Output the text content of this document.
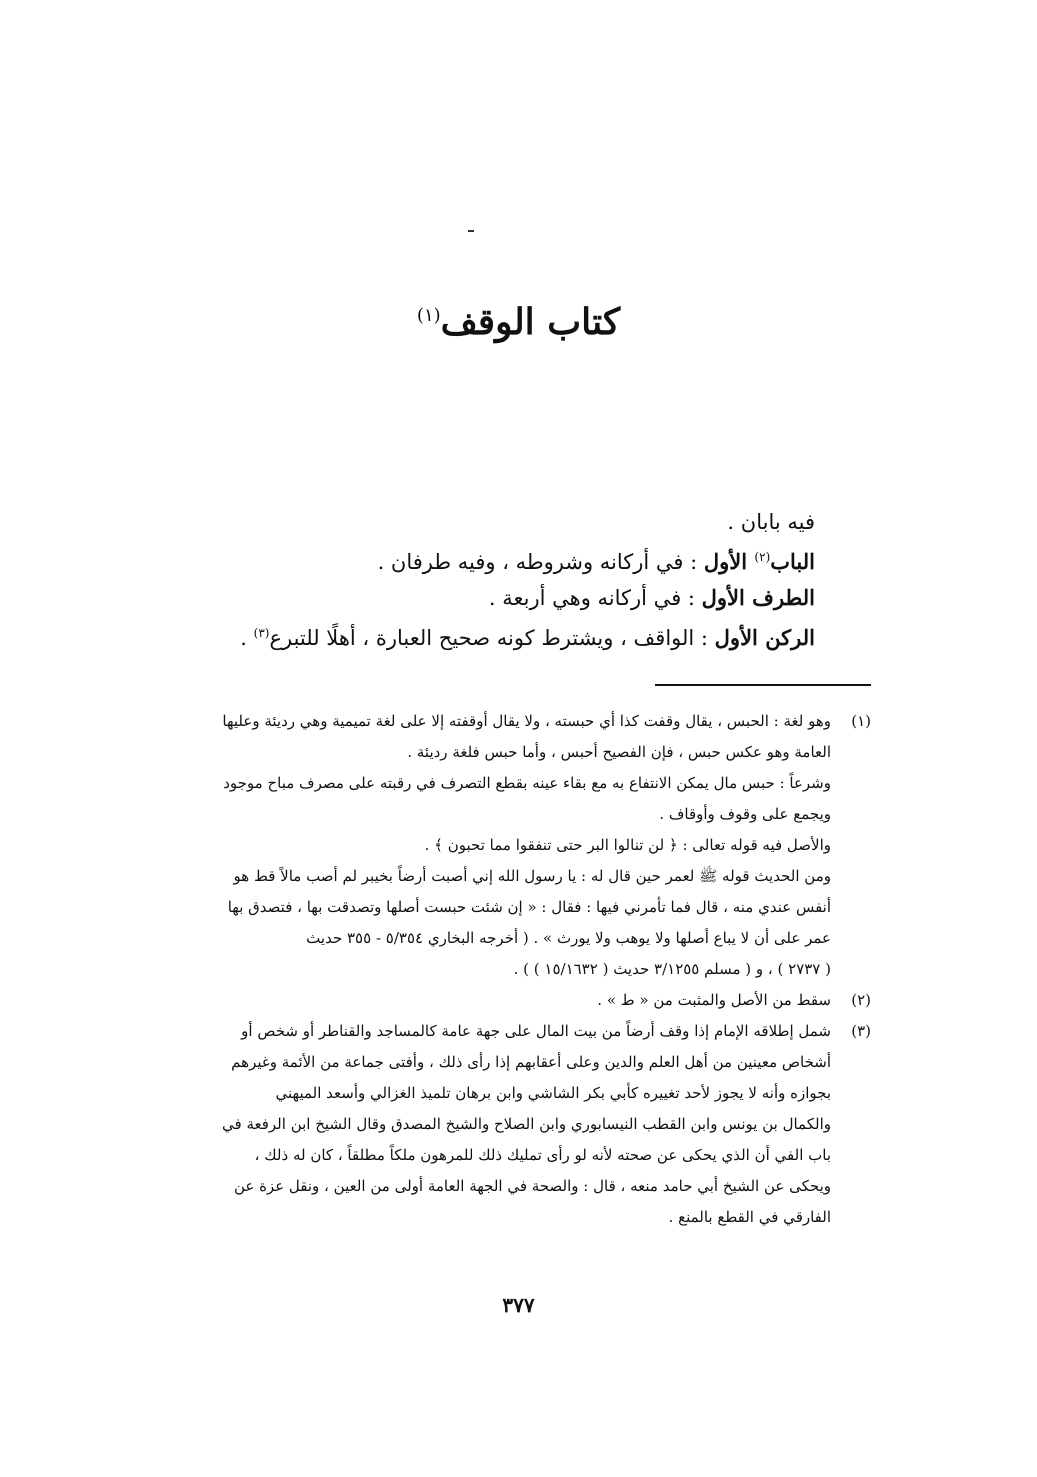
كتاب الوقف$^{(١)}$
فيه بابان .
الباب$^{(٢)}$ الأول : في أركانه وشروطه ، وفيه طرفان .
الطرف الأول : في أركانه وهي أربعة .
الركن الأول : الواقف ، ويشترط كونه صحيح العبارة ، أهلًا للتبرع$^{(٣)}$ .
(١)
وهو لغة : الحبس ، يقال وقفت كذا أي حبسته ، ولا يقال أوقفته إلا على لغة تميمية وهي رديئة وعليها
العامة وهو عكس حبس ، فإن الفصيح أحبس ، وأما حبس فلغة رديئة .
وشرعاً : حبس مال يمكن الانتفاع به مع بقاء عينه بقطع التصرف في رقبته على مصرف مباح موجود
ويجمع على وقوف وأوقاف .
والأصل فيه قوله تعالى : ﴿ لن تنالوا البر حتى تنفقوا مما تحبون ﴾ .
ومن الحديث قوله ﷺ لعمر حين قال له : يا رسول الله إني أصبت أرضاً بخيبر لم أصب مالاً قط هو
أنفس عندي منه ، قال فما تأمرني فيها : فقال : « إن شئت حبست أصلها وتصدقت بها ، فتصدق بها
عمر على أن لا يباع أصلها ولا يوهب ولا يورث » . ( أخرجه البخاري ٥/٣٥٤ - ٣٥٥ حديث
( ٢٧٣٧ ) ، و ( مسلم ٣/١٢٥٥ حديث ( ١٥/١٦٣٢ ) ) .
(٢)
سقط من الأصل والمثبت من « ط » .
(٣)
شمل إطلاقه الإمام إذا وقف أرضاً من بيت المال على جهة عامة كالمساجد والقناطر أو شخص أو
أشخاص معينين من أهل العلم والدين وعلى أعقابهم إذا رأى ذلك ، وأفتى جماعة من الأئمة وغيرهم
بجوازه وأنه لا يجوز لأحد تغييره كأبي بكر الشاشي وابن برهان تلميذ الغزالي وأسعد الميهني
والكمال بن يونس وابن القطب النيسابوري وابن الصلاح والشيخ المصدق وقال الشيخ ابن الرفعة في
باب الفي أن الذي يحكى عن صحته لأنه لو رأى تمليك ذلك للمرهون ملكاً مطلقاً ، كان له ذلك ،
ويحكى عن الشيخ أبي حامد منعه ، قال : والصحة في الجهة العامة أولى من العين ، ونقل عزة عن
الفارقي في القطع بالمنع .
٣٧٧
